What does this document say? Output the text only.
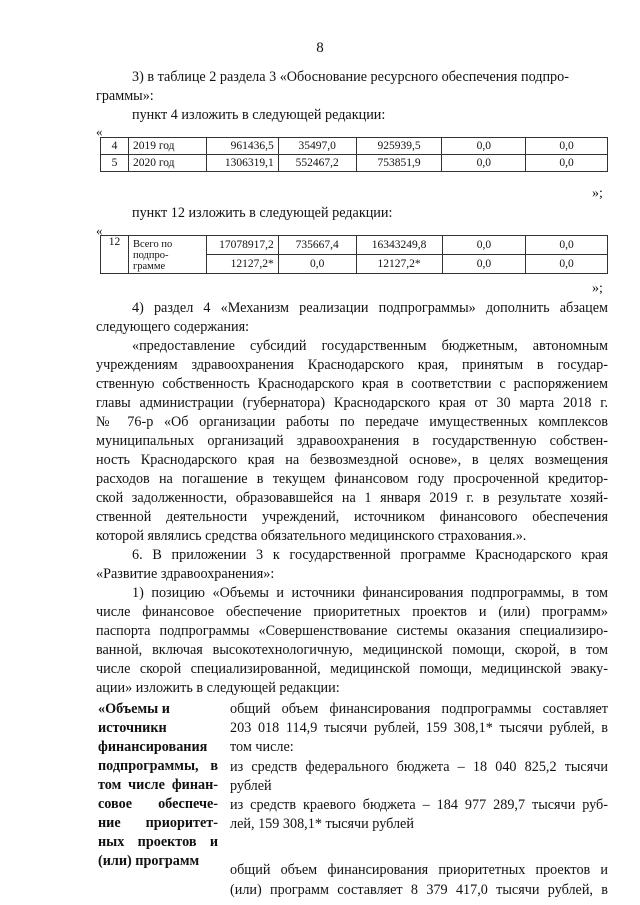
8
3) в таблице 2 раздела 3 «Обоснование ресурсного обеспечения подпро-
граммы»:
пункт 4 изложить в следующей редакции:
«
4	2019 год	961436,5	35497,0	925939,5	0,0	0,0
5	2020 год	1306319,1	552467,2	753851,9	0,0	0,0
»;
пункт 12 изложить в следующей редакции:
«
12	Всего по
подпро-
грамме	17078917,2	735667,4	16343249,8	0,0	0,0
		12127,2*	0,0	12127,2*	0,0	0,0
»;
4) раздел 4 «Механизм реализации подпрограммы» дополнить абзацем
следующего содержания:
«предоставление субсидий государственным бюджетным, автономным
учреждениям здравоохранения Краснодарского края, принятым в государ-
ственную собственность Краснодарского края в соответствии с распоряжением
главы администрации (губернатора) Краснодарского края от 30 марта 2018 г.
№ 76-р «Об организации работы по передаче имущественных комплексов
муниципальных организаций здравоохранения в государственную собствен-
ность Краснодарского края на безвозмездной основе», в целях возмещения
расходов на погашение в текущем финансовом году просроченной кредитор-
ской задолженности, образовавшейся на 1 января 2019 г. в результате хозяй-
ственной деятельности учреждений, источником финансового обеспечения
которой являлись средства обязательного медицинского страхования.».
6. В приложении 3 к государственной программе Краснодарского края
«Развитие здравоохранения»:
1) позицию «Объемы и источники финансирования подпрограммы, в том
числе финансовое обеспечение приоритетных проектов и (или) программ»
паспорта подпрограммы «Совершенствование системы оказания специализиро-
ванной, включая высокотехнологичную, медицинской помощи, скорой, в том
числе скорой специализированной, медицинской помощи, медицинской эваку-
ации» изложить в следующей редакции:
«Объемы и
источникн
финансирования
подпрограммы, в
том числе финан-
совое обеспече-
ние приоритет-
ных проектов и
(или) программ
общий объем финансирования подпрограммы составляет
203 018 114,9 тысячи рублей, 159 308,1* тысячи рублей, в
том числе:
из средств федерального бюджета – 18 040 825,2 тысячи
рублей
из средств краевого бюджета – 184 977 289,7 тысячи руб-
лей, 159 308,1* тысячи рублей
общий объем финансирования приоритетных проектов и
(или) программ составляет 8 379 417,0 тысячи рублей, в
